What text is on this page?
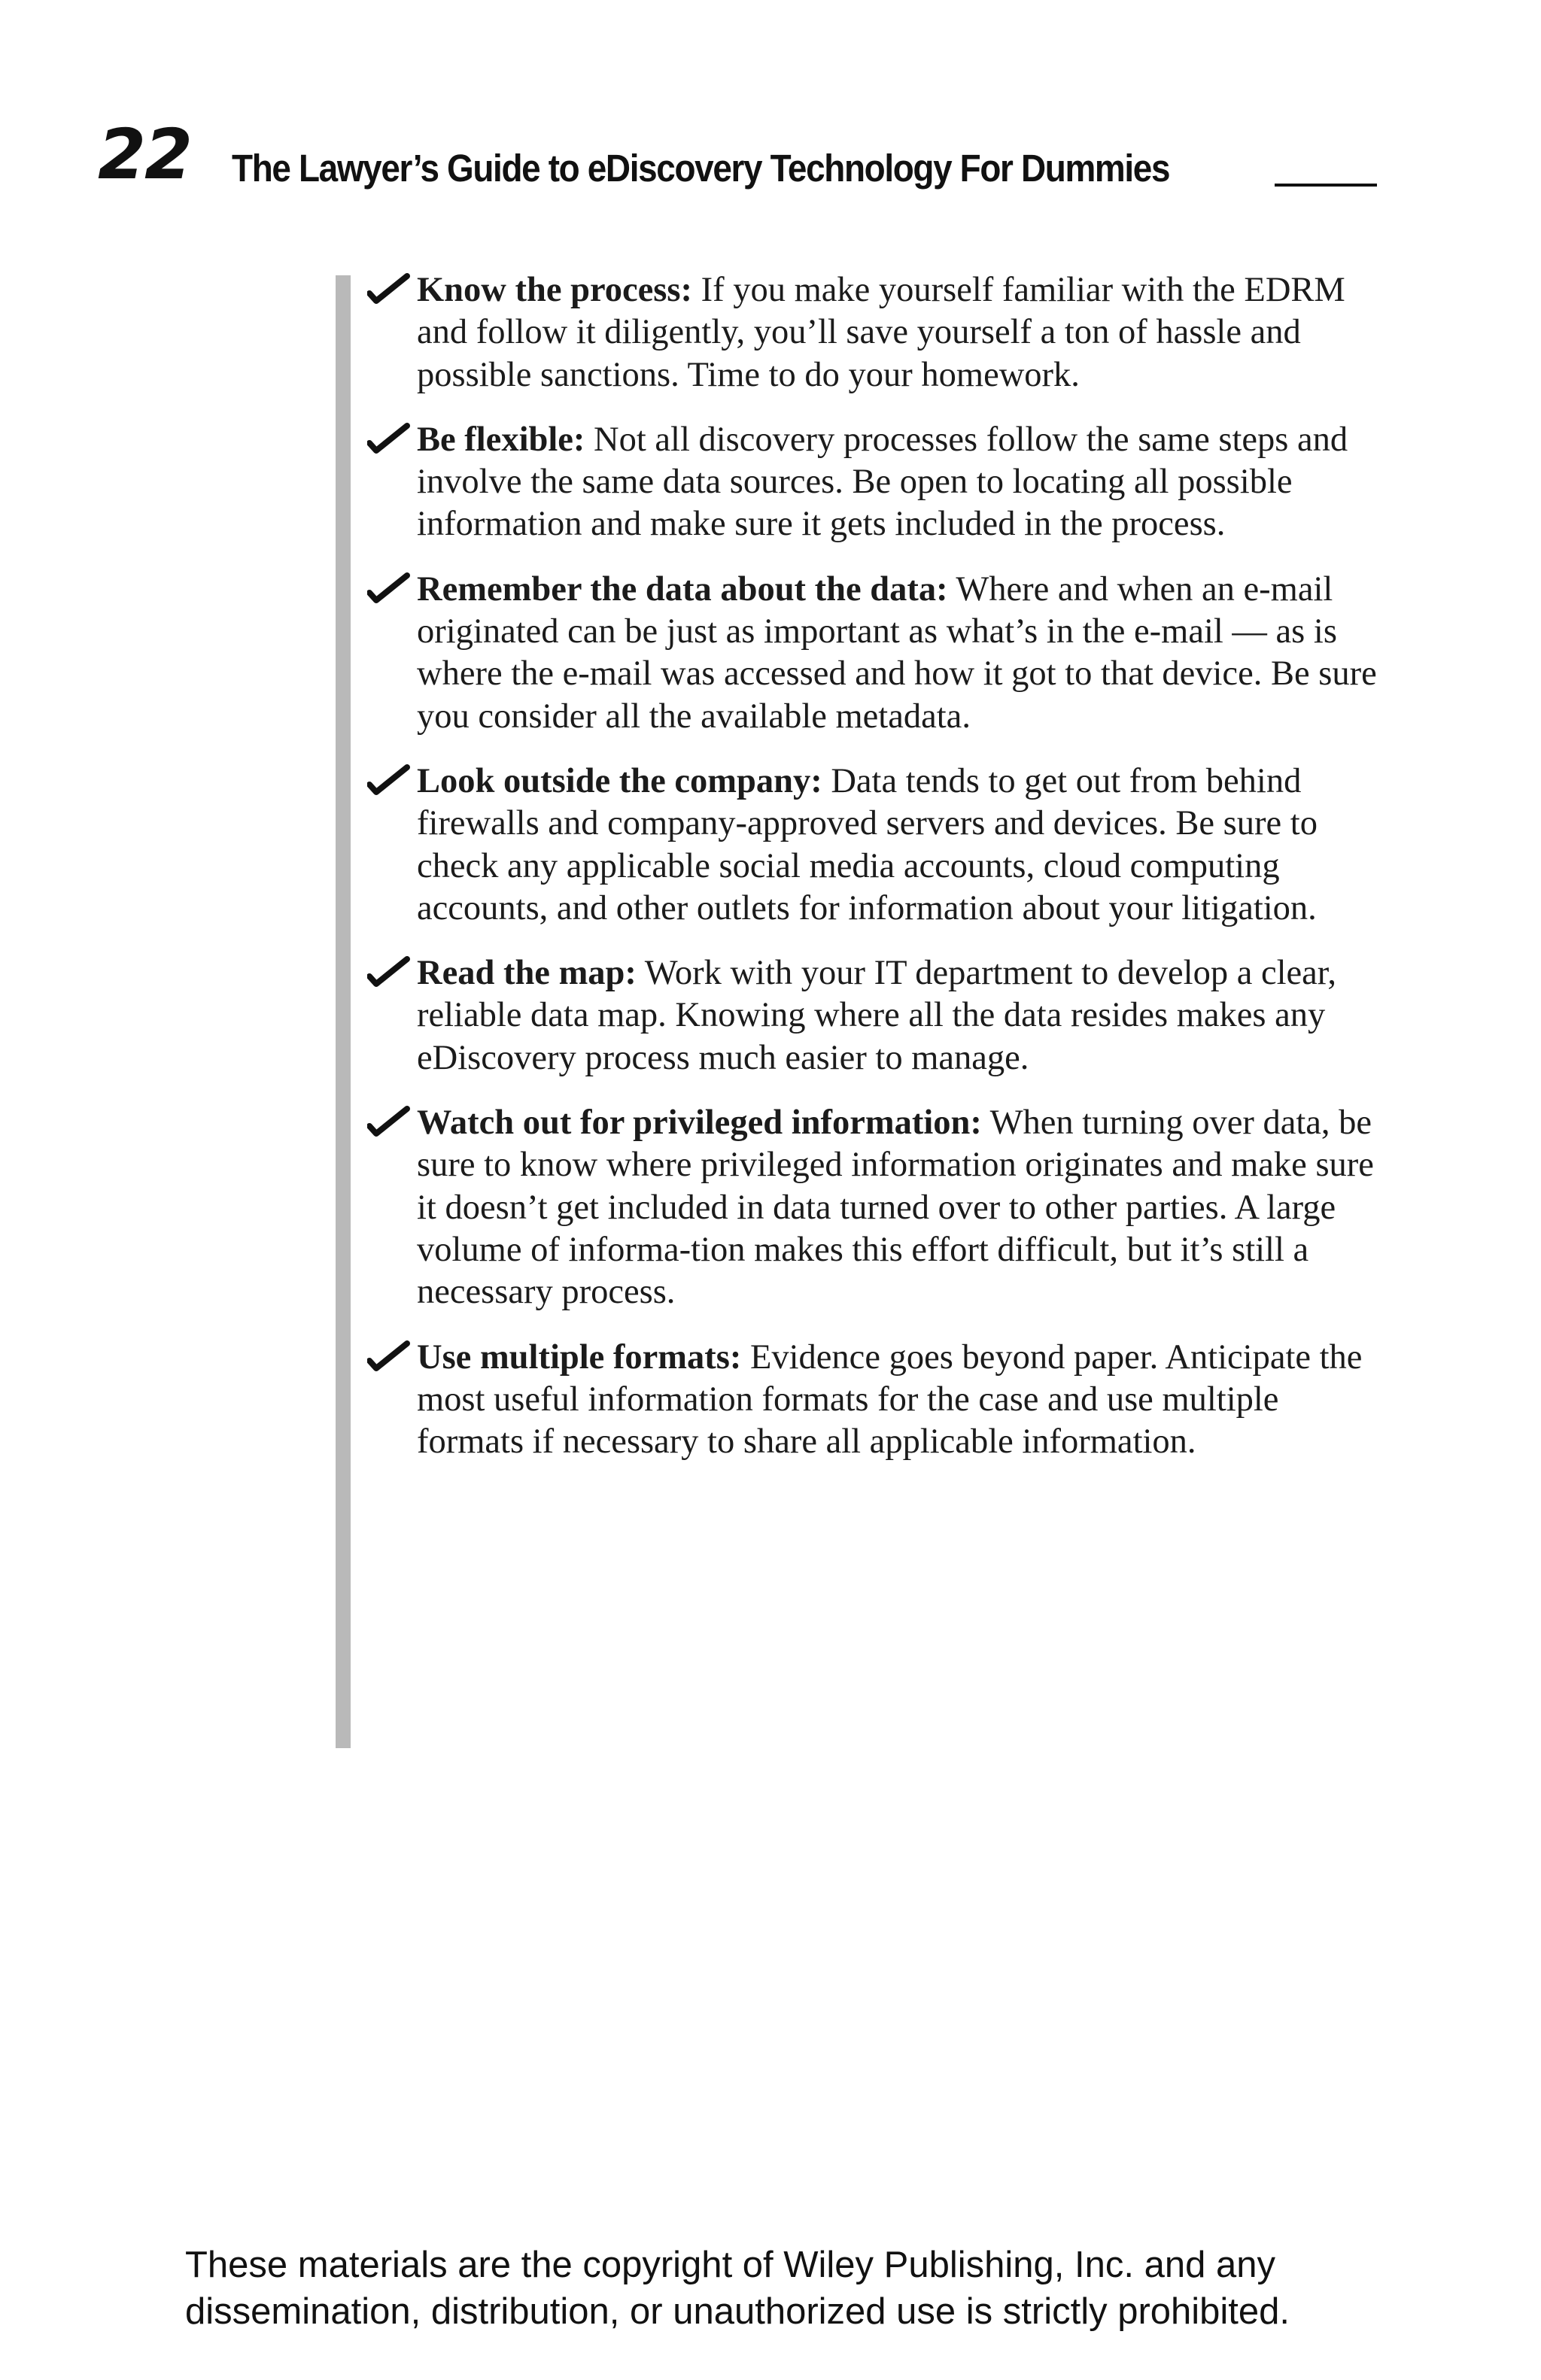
22 The Lawyer’s Guide to eDiscovery Technology For Dummies
Know the process: If you make yourself familiar with the EDRM and follow it diligently, you’ll save yourself a ton of hassle and possible sanctions. Time to do your homework.
Be flexible: Not all discovery processes follow the same steps and involve the same data sources. Be open to locating all possible information and make sure it gets included in the process.
Remember the data about the data: Where and when an e-mail originated can be just as important as what’s in the e-mail — as is where the e-mail was accessed and how it got to that device. Be sure you consider all the available metadata.
Look outside the company: Data tends to get out from behind firewalls and company-approved servers and devices. Be sure to check any applicable social media accounts, cloud computing accounts, and other outlets for information about your litigation.
Read the map: Work with your IT department to develop a clear, reliable data map. Knowing where all the data resides makes any eDiscovery process much easier to manage.
Watch out for privileged information: When turning over data, be sure to know where privileged information originates and make sure it doesn’t get included in data turned over to other parties. A large volume of informa-tion makes this effort difficult, but it’s still a necessary process.
Use multiple formats: Evidence goes beyond paper. Anticipate the most useful information formats for the case and use multiple formats if necessary to share all applicable information.

These materials are the copyright of Wiley Publishing, Inc. and any

dissemination, distribution, or unauthorized use is strictly prohibited.
